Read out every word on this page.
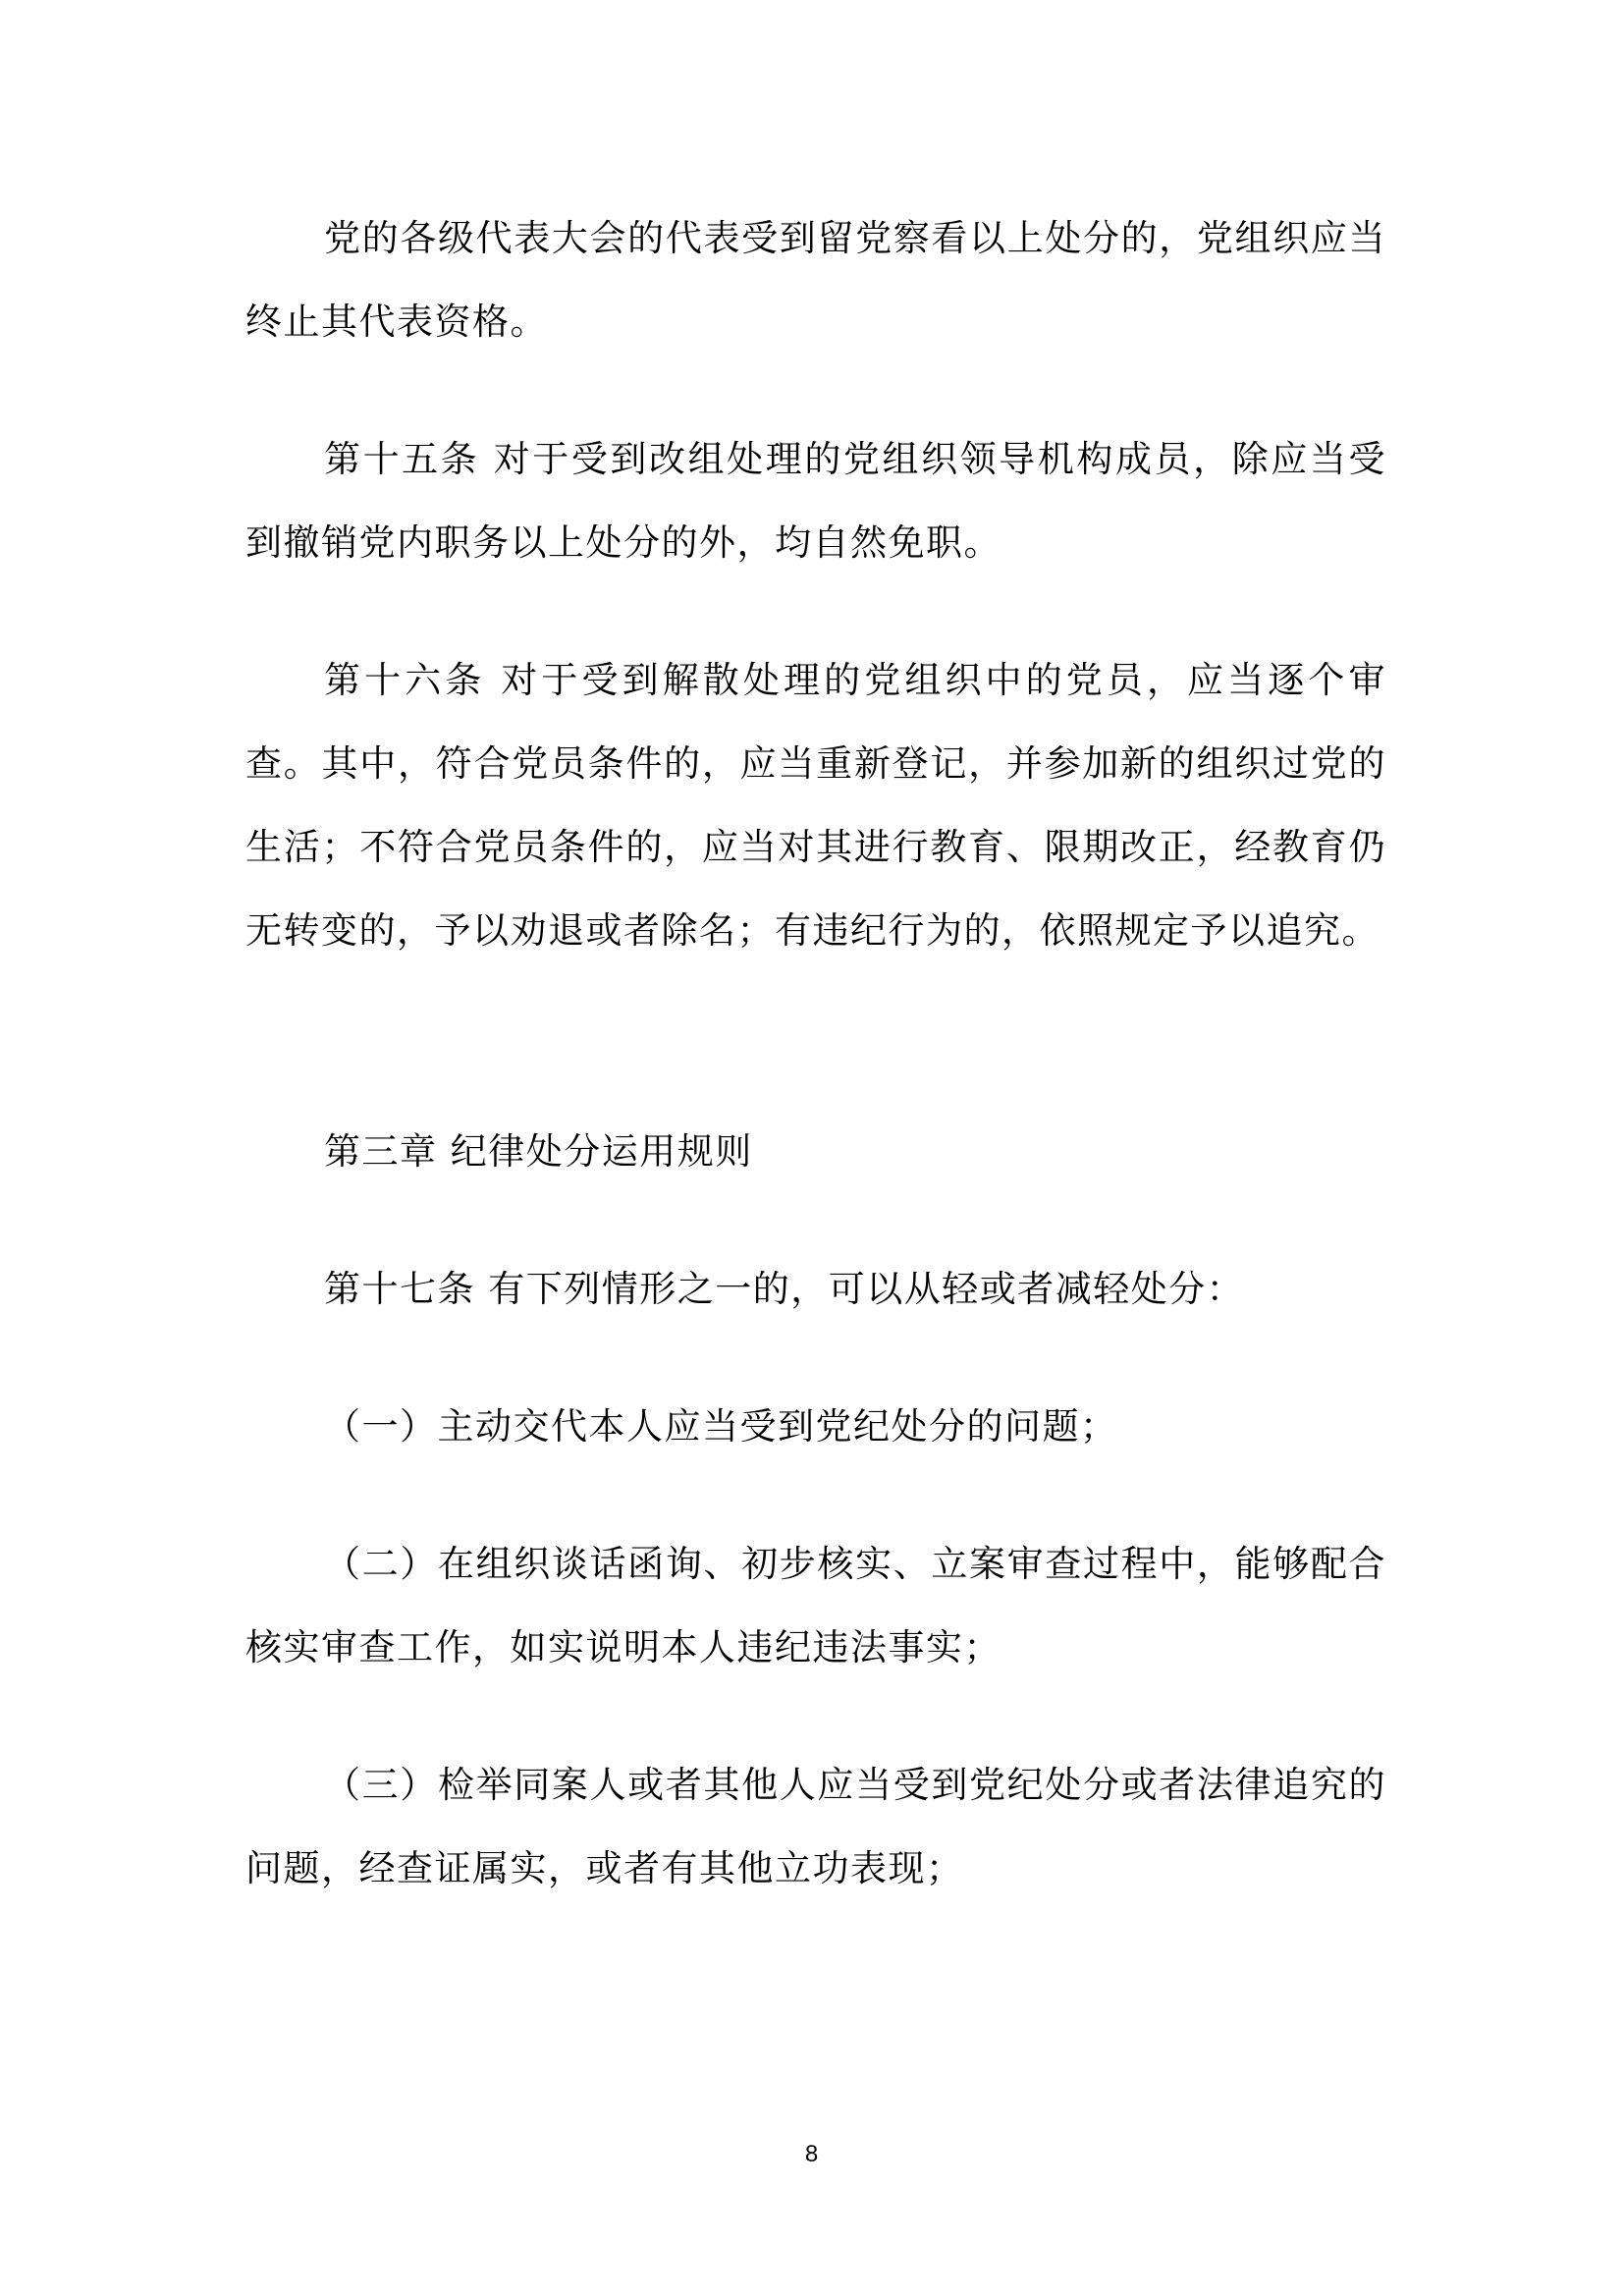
党的各级代表大会的代表受到留党察看以上处分的，党组织应当终止其代表资格。

第十五条 对于受到改组处理的党组织领导机构成员，除应当受到撤销党内职务以上处分的外，均自然免职。

第十六条 对于受到解散处理的党组织中的党员，应当逐个审查。其中，符合党员条件的，应当重新登记，并参加新的组织过党的生活；不符合党员条件的，应当对其进行教育、限期改正，经教育仍无转变的，予以劝退或者除名；有违纪行为的，依照规定予以追究。

第三章 纪律处分运用规则

第十七条 有下列情形之一的，可以从轻或者减轻处分：

（一）主动交代本人应当受到党纪处分的问题；

（二）在组织谈话函询、初步核实、立案审查过程中，能够配合核实审查工作，如实说明本人违纪违法事实；

（三）检举同案人或者其他人应当受到党纪处分或者法律追究的问题，经查证属实，或者有其他立功表现；

8
